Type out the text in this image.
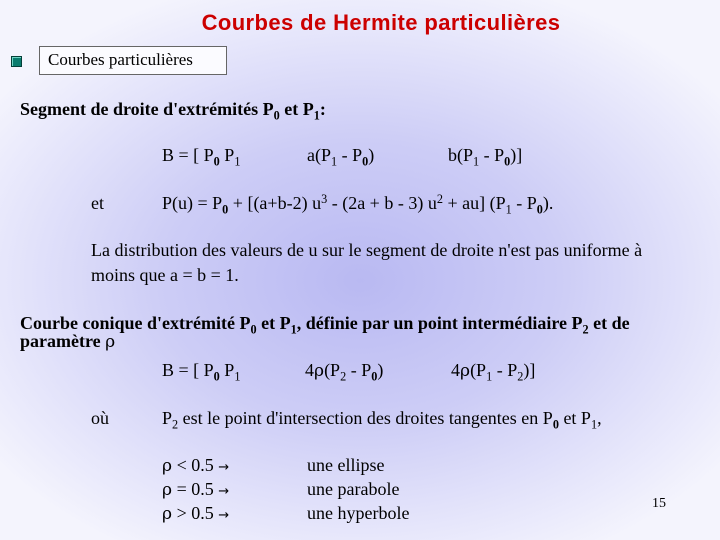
Courbes de Hermite particulières
Courbes particulières
Segment de droite d'extrémités $P_0$ et $P_1$:
B = [ $P_0$ $P_1$	$a(P_1 - P_0)$	$b(P_1 - P_0)$]
et	$P(u) = P_0 + [(a+b-2)$ $u^3 - (2a + b - 3) u^2 + au$] $(P_1 - P_0)$.
La distribution des valeurs de u sur le segment de droite n'est pas uniforme à
moins que a = b = 1.
Courbe conique d'extrémité $P_0$ et $P_1$, définie par un point intermédiaire $P_2$ et de
paramètre ρ
B = [ $P_0$ $P_1$	$4\rho(P_2 - P_0)$	$4\rho(P_1 - P_2)$]
où	$P_2$ est le point d'intersection des droites tangentes en $P_0$ et $P_1$,
ρ < 0.5 →	une ellipse
ρ = 0.5 →	une parabole
ρ > 0.5 →	une hyperbole	15
